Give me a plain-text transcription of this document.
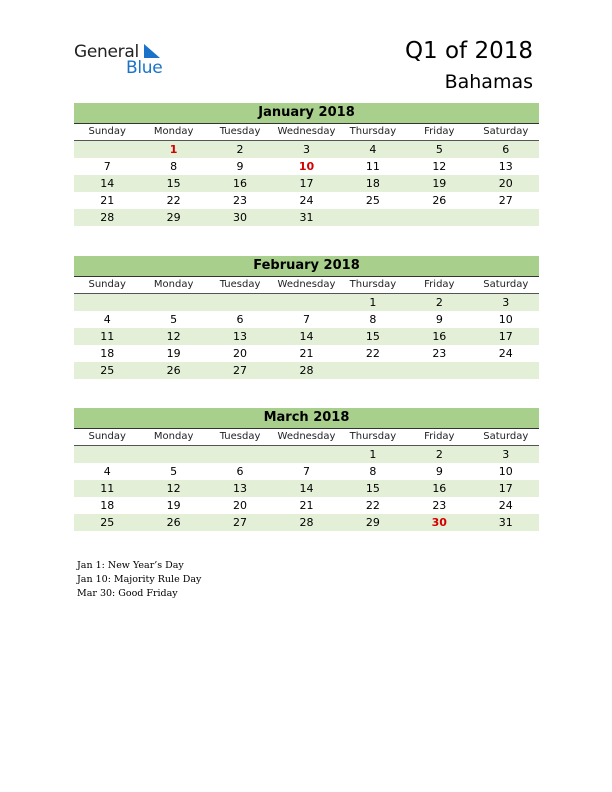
General
Blue
Q1 of 2018
Bahamas
January 2018
Sunday	Monday	Tuesday	Wednesday	Thursday	Friday	Saturday
	1	2	3	4	5	6
7	8	9	10	11	12	13
14	15	16	17	18	19	20
21	22	23	24	25	26	27
28	29	30	31			
February 2018
Sunday	Monday	Tuesday	Wednesday	Thursday	Friday	Saturday
				1	2	3
4	5	6	7	8	9	10
11	12	13	14	15	16	17
18	19	20	21	22	23	24
25	26	27	28			
March 2018
Sunday	Monday	Tuesday	Wednesday	Thursday	Friday	Saturday
				1	2	3
4	5	6	7	8	9	10
11	12	13	14	15	16	17
18	19	20	21	22	23	24
25	26	27	28	29	30	31
Jan 1: New Year’s Day
Jan 10: Majority Rule Day
Mar 30: Good Friday
